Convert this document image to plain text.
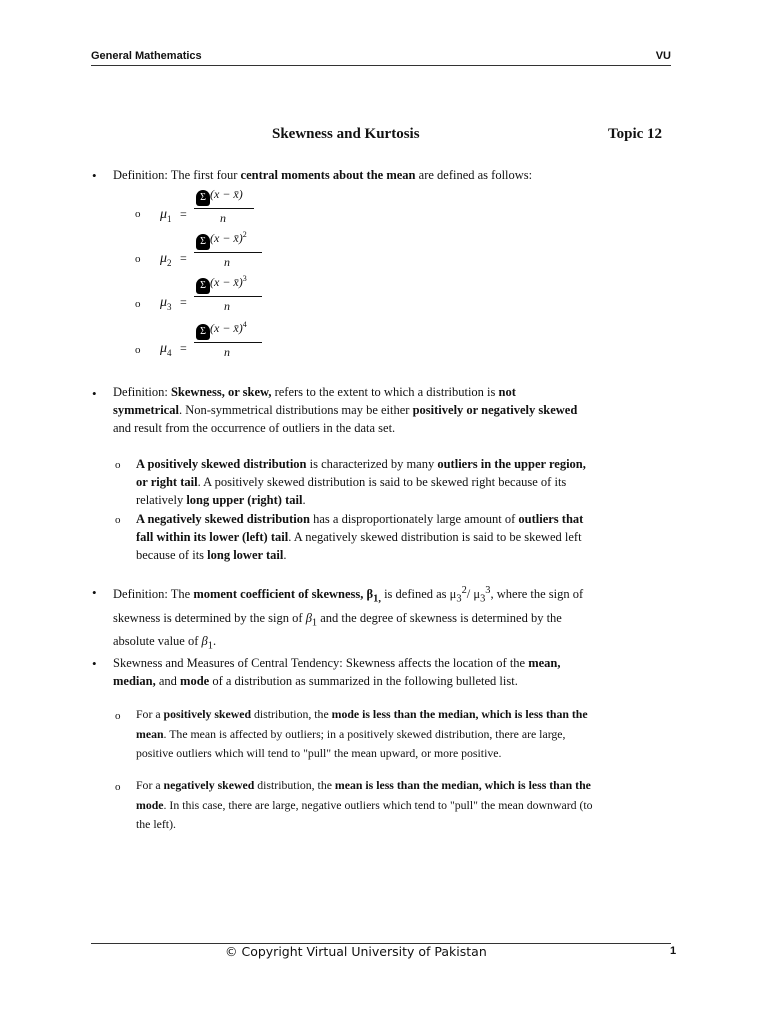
General Mathematics	VU
Skewness and Kurtosis	Topic 12
• Definition: The first four central moments about the mean are defined as follows:
o $\mu_1$ =
Σ (x − x̄)
n
o $\mu_2$ =
Σ (x − x̄)$^2$
n
o $\mu_3$ =
Σ (x − x̄)$^3$
n
o $\mu_4$ =
Σ (x − x̄)$^4$
n
• Definition: Skewness, or skew, refers to the extent to which a distribution is not
symmetrical. Non-symmetrical distributions may be either positively or negatively skewed
and result from the occurrence of outliers in the data set.
o A positively skewed distribution is characterized by many outliers in the upper region,
or right tail. A positively skewed distribution is said to be skewed right because of its
relatively long upper (right) tail.
o A negatively skewed distribution has a disproportionately large amount of outliers that
fall within its lower (left) tail. A negatively skewed distribution is said to be skewed left
because of its long lower tail.
• Definition: The moment coefficient of skewness, $\beta_{1,}$ is defined as $\mu_3^2/$ $\mu_3^3$, where the sign of
skewness is determined by the sign of $\beta_1$ and the degree of skewness is determined by the
absolute value of $\beta_1$.
• Skewness and Measures of Central Tendency: Skewness affects the location of the mean,
median, and mode of a distribution as summarized in the following bulleted list.
o For a positively skewed distribution, the mode is less than the median, which is less than the
mean. The mean is affected by outliers; in a positively skewed distribution, there are large,
positive outliers which will tend to "pull" the mean upward, or more positive.
o For a negatively skewed distribution, the mean is less than the median, which is less than the
mode. In this case, there are large, negative outliers which tend to "pull" the mean downward (to
the left).
© Copyright Virtual University of Pakistan	1
